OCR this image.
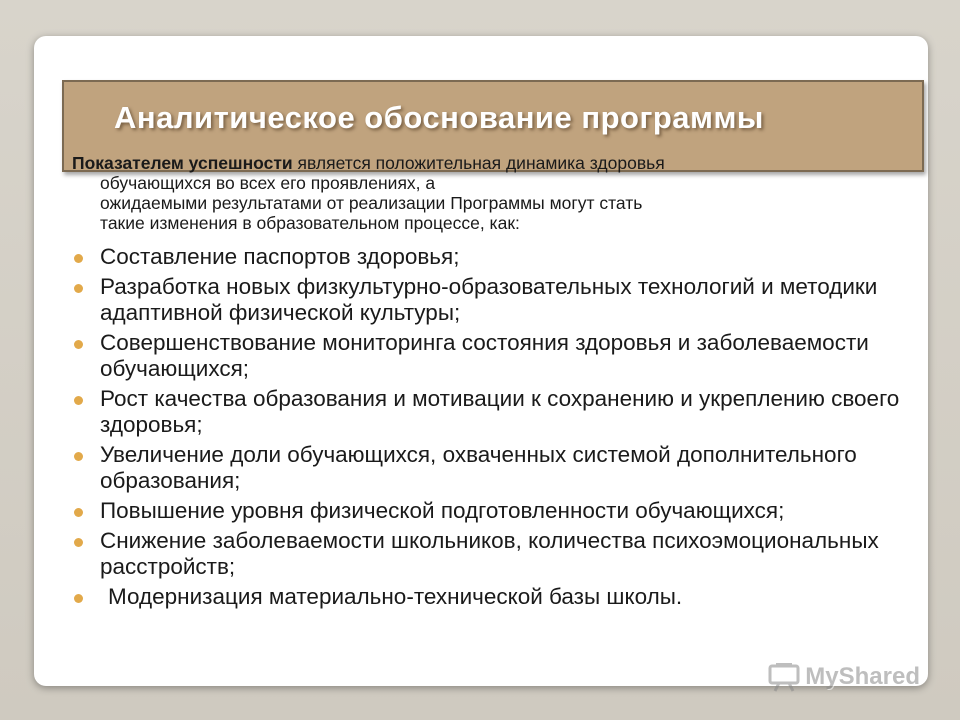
Аналитическое обоснование программы
Показателем успешности является положительная динамика здоровья
обучающихся во всех его проявлениях, а
ожидаемыми результатами от реализации Программы могут стать
такие изменения в образовательном процессе, как:
Составление паспортов здоровья;
Разработка новых физкультурно-образовательных технологий и методики адаптивной физической культуры;
Совершенствование мониторинга состояния здоровья и заболеваемости обучающихся;
Рост качества образования и мотивации к сохранению и укреплению своего здоровья;
Увеличение доли обучающихся, охваченных системой дополнительного образования;
Повышение уровня физической подготовленности обучающихся;
Снижение заболеваемости школьников, количества психоэмоциональных расстройств;
Модернизация материально-технической базы школы.
MyShared
